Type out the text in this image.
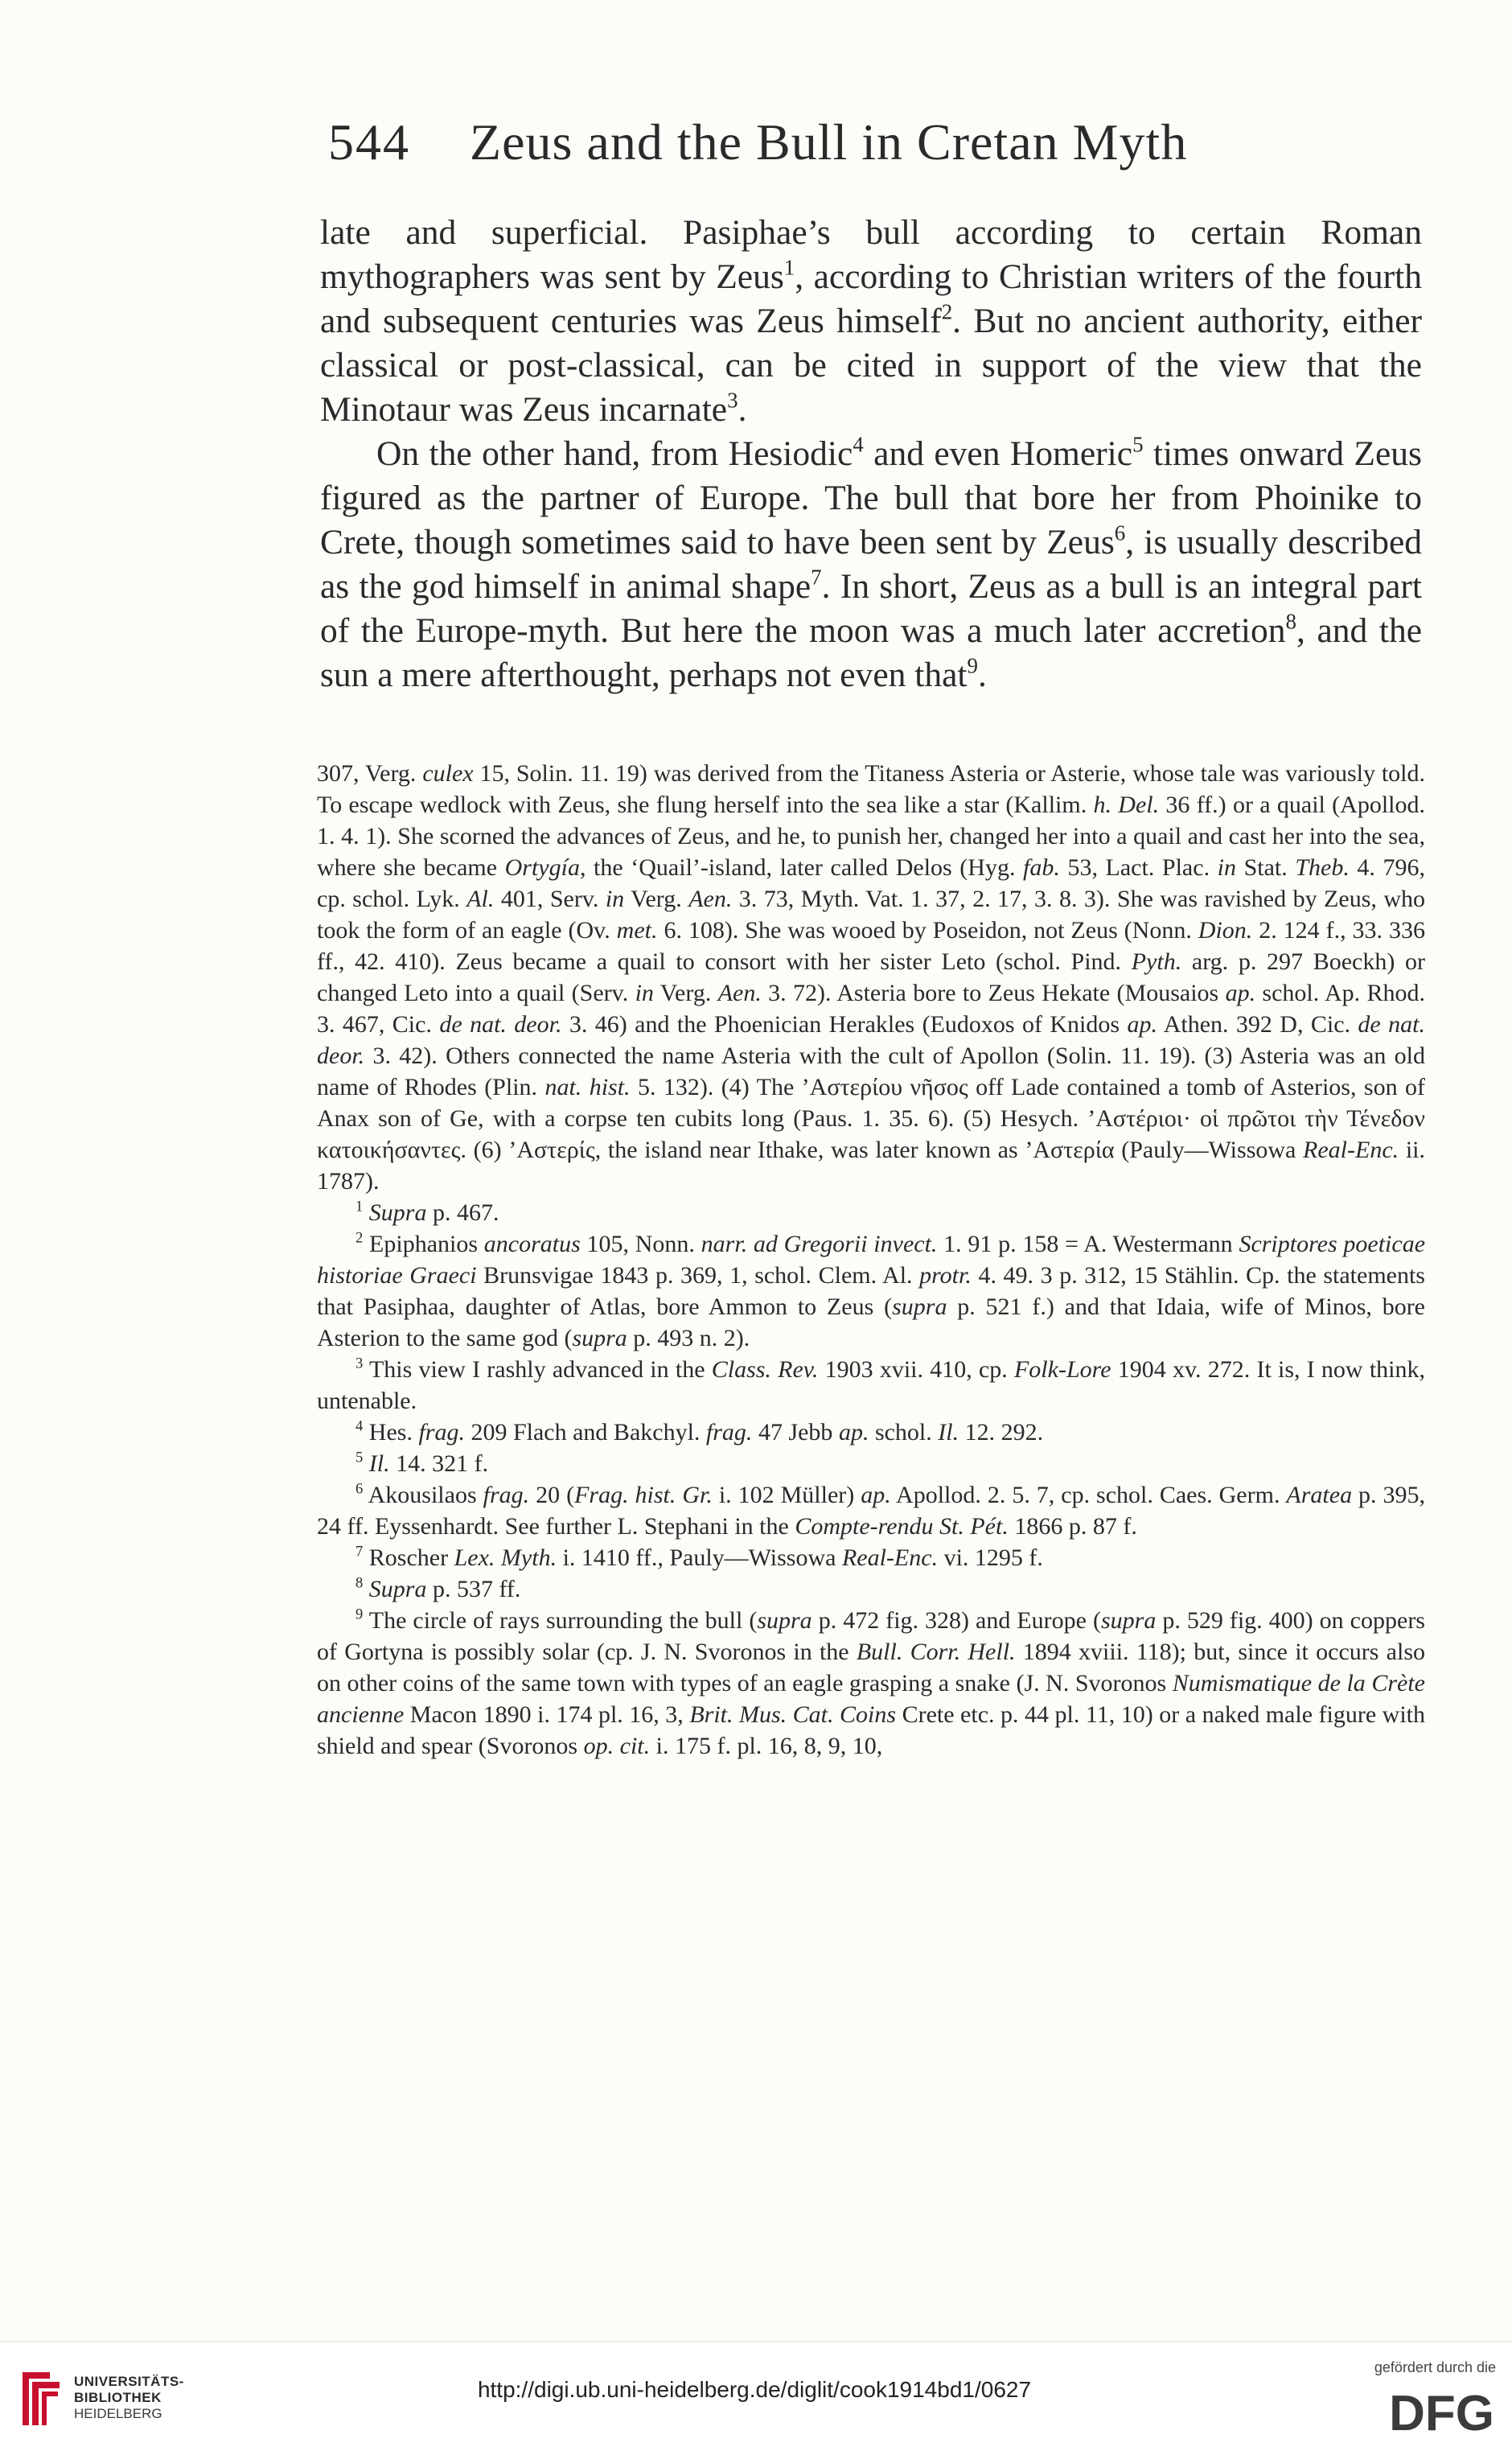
544 Zeus and the Bull in Cretan Myth

late and superficial. Pasiphae’s bull according to certain Roman mythographers was sent by Zeus$^1$, according to Christian writers of the fourth and subsequent centuries was Zeus himself$^2$. But no ancient authority, either classical or post-classical, can be cited in support of the view that the Minotaur was Zeus incarnate$^3$.

On the other hand, from Hesiodic$^4$ and even Homeric$^5$ times onward Zeus figured as the partner of Europe. The bull that bore her from Phoinike to Crete, though sometimes said to have been sent by Zeus$^6$, is usually described as the god himself in animal shape$^7$. In short, Zeus as a bull is an integral part of the Europe-myth. But here the moon was a much later accretion$^8$, and the sun a mere afterthought, perhaps not even that$^9$.

307, Verg. culex 15, Solin. 11. 19) was derived from the Titaness Asteria or Asterie, whose tale was variously told. To escape wedlock with Zeus, she flung herself into the sea like a star (Kallim. h. Del. 36 ff.) or a quail (Apollod. 1. 4. 1). She scorned the advances of Zeus, and he, to punish her, changed her into a quail and cast her into the sea, where she became Ortygía, the ‘Quail’-island, later called Delos (Hyg. fab. 53, Lact. Plac. in Stat. Theb. 4. 796, cp. schol. Lyk. Al. 401, Serv. in Verg. Aen. 3. 73, Myth. Vat. 1. 37, 2. 17, 3. 8. 3). She was ravished by Zeus, who took the form of an eagle (Ov. met. 6. 108). She was wooed by Poseidon, not Zeus (Nonn. Dion. 2. 124 f., 33. 336 ff., 42. 410). Zeus became a quail to consort with her sister Leto (schol. Pind. Pyth. arg. p. 297 Boeckh) or changed Leto into a quail (Serv. in Verg. Aen. 3. 72). Asteria bore to Zeus Hekate (Mousaios ap. schol. Ap. Rhod. 3. 467, Cic. de nat. deor. 3. 46) and the Phoenician Herakles (Eudoxos of Knidos ap. Athen. 392 D, Cic. de nat. deor. 3. 42). Others connected the name Asteria with the cult of Apollon (Solin. 11. 19). (3) Asteria was an old name of Rhodes (Plin. nat. hist. 5. 132). (4) The ’Αστερίου νῆσος off Lade contained a tomb of Asterios, son of Anax son of Ge, with a corpse ten cubits long (Paus. 1. 35. 6). (5) Hesych. ’Αστέριοι· οἱ πρῶτοι τὴν Τένεδον κατοικήσαντες. (6) ’Αστερίς, the island near Ithake, was later known as ’Αστερία (Pauly—Wissowa Real-Enc. ii. 1787).

$^1$ Supra p. 467.

$^2$ Epiphanios ancoratus 105, Nonn. narr. ad Gregorii invect. 1. 91 p. 158 = A. Westermann Scriptores poeticae historiae Graeci Brunsvigae 1843 p. 369, 1, schol. Clem. Al. protr. 4. 49. 3 p. 312, 15 Stählin. Cp. the statements that Pasiphaa, daughter of Atlas, bore Ammon to Zeus (supra p. 521 f.) and that Idaia, wife of Minos, bore Asterion to the same god (supra p. 493 n. 2).

$^3$ This view I rashly advanced in the Class. Rev. 1903 xvii. 410, cp. Folk-Lore 1904 xv. 272. It is, I now think, untenable.

$^4$ Hes. frag. 209 Flach and Bakchyl. frag. 47 Jebb ap. schol. Il. 12. 292.

$^5$ Il. 14. 321 f.

$^6$ Akousilaos frag. 20 (Frag. hist. Gr. i. 102 Müller) ap. Apollod. 2. 5. 7, cp. schol. Caes. Germ. Aratea p. 395, 24 ff. Eyssenhardt. See further L. Stephani in the Compte-rendu St. Pét. 1866 p. 87 f.

$^7$ Roscher Lex. Myth. i. 1410 ff., Pauly—Wissowa Real-Enc. vi. 1295 f.

$^8$ Supra p. 537 ff.

$^9$ The circle of rays surrounding the bull (supra p. 472 fig. 328) and Europe (supra p. 529 fig. 400) on coppers of Gortyna is possibly solar (cp. J. N. Svoronos in the Bull. Corr. Hell. 1894 xviii. 118); but, since it occurs also on other coins of the same town with types of an eagle grasping a snake (J. N. Svoronos Numismatique de la Crète ancienne Macon 1890 i. 174 pl. 16, 3, Brit. Mus. Cat. Coins Crete etc. p. 44 pl. 11, 10) or a naked male figure with shield and spear (Svoronos op. cit. i. 175 f. pl. 16, 8, 9, 10,

UNIVERSITÄTS-
BIBLIOTHEK
HEIDELBERG
http://digi.ub.uni-heidelberg.de/diglit/cook1914bd1/0627
gefördert durch die
DFG
